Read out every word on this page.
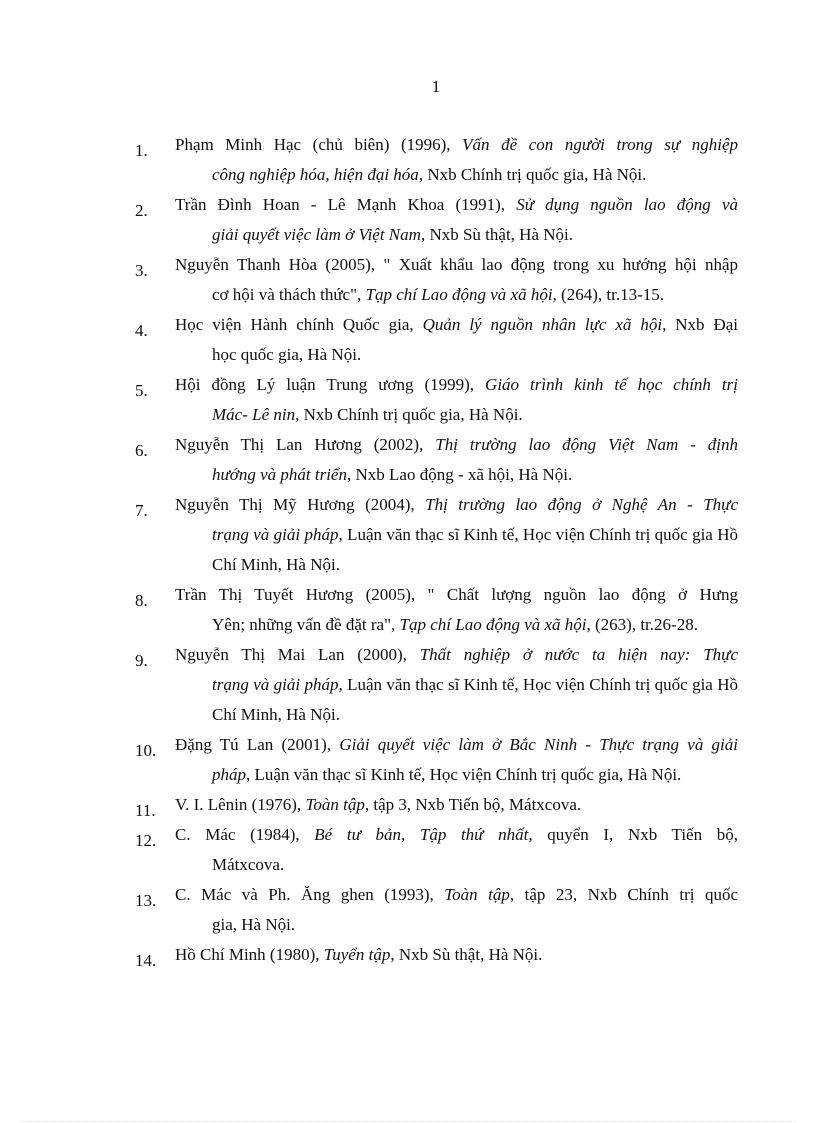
1
1. Phạm Minh Hạc (chủ biên) (1996), Vấn đề con người trong sự nghiệp
công nghiệp hóa, hiện đại hóa, Nxb Chính trị quốc gia, Hà Nội.
2. Trần Đình Hoan - Lê Mạnh Khoa (1991), Sử dụng nguồn lao động và
giải quyết việc làm ở Việt Nam, Nxb Sù thật, Hà Nội.
3. Nguyễn Thanh Hòa (2005), " Xuất khẩu lao động trong xu hướng hội nhập
cơ hội và thách thức", Tạp chí Lao động và xã hội, (264), tr.13-15.
4. Học viện Hành chính Quốc gia, Quản lý nguồn nhân lực xã hội, Nxb Đại
học quốc gia, Hà Nội.
5. Hội đồng Lý luận Trung ương (1999), Giáo trình kinh tế học chính trị
Mác- Lê nin, Nxb Chính trị quốc gia, Hà Nội.
6. Nguyễn Thị Lan Hương (2002), Thị trường lao động Việt Nam - định
hướng và phát triển, Nxb Lao động - xã hội, Hà Nội.
7. Nguyễn Thị Mỹ Hương (2004), Thị trường lao động ở Nghệ An - Thực
trạng và giải pháp, Luận văn thạc sĩ Kinh tế, Học viện Chính trị quốc gia Hồ Chí Minh, Hà Nội.
8. Trần Thị Tuyết Hương (2005), " Chất lượng nguồn lao động ở Hưng
Yên; những vấn đề đặt ra", Tạp chí Lao động và xã hội, (263), tr.26-28.
9. Nguyễn Thị Mai Lan (2000), Thất nghiệp ở nước ta hiện nay: Thực
trạng và giải pháp, Luận văn thạc sĩ Kinh tế, Học viện Chính trị quốc gia Hồ Chí Minh, Hà Nội.
10. Đặng Tú Lan (2001), Giải quyết việc làm ở Bắc Ninh - Thực trạng và giải
pháp, Luận văn thạc sĩ Kinh tế, Học viện Chính trị quốc gia, Hà Nội.
11. V. I. Lênin (1976), Toàn tập, tập 3, Nxb Tiến bộ, Mátxcova.
12. C. Mác (1984), Bé tư bản, Tập thứ nhất, quyển I, Nxb Tiến bộ,
Mátxcova.
13. C. Mác và Ph. Ăng ghen (1993), Toàn tập, tập 23, Nxb Chính trị quốc
gia, Hà Nội.
14. Hồ Chí Minh (1980), Tuyển tập, Nxb Sù thật, Hà Nội.
